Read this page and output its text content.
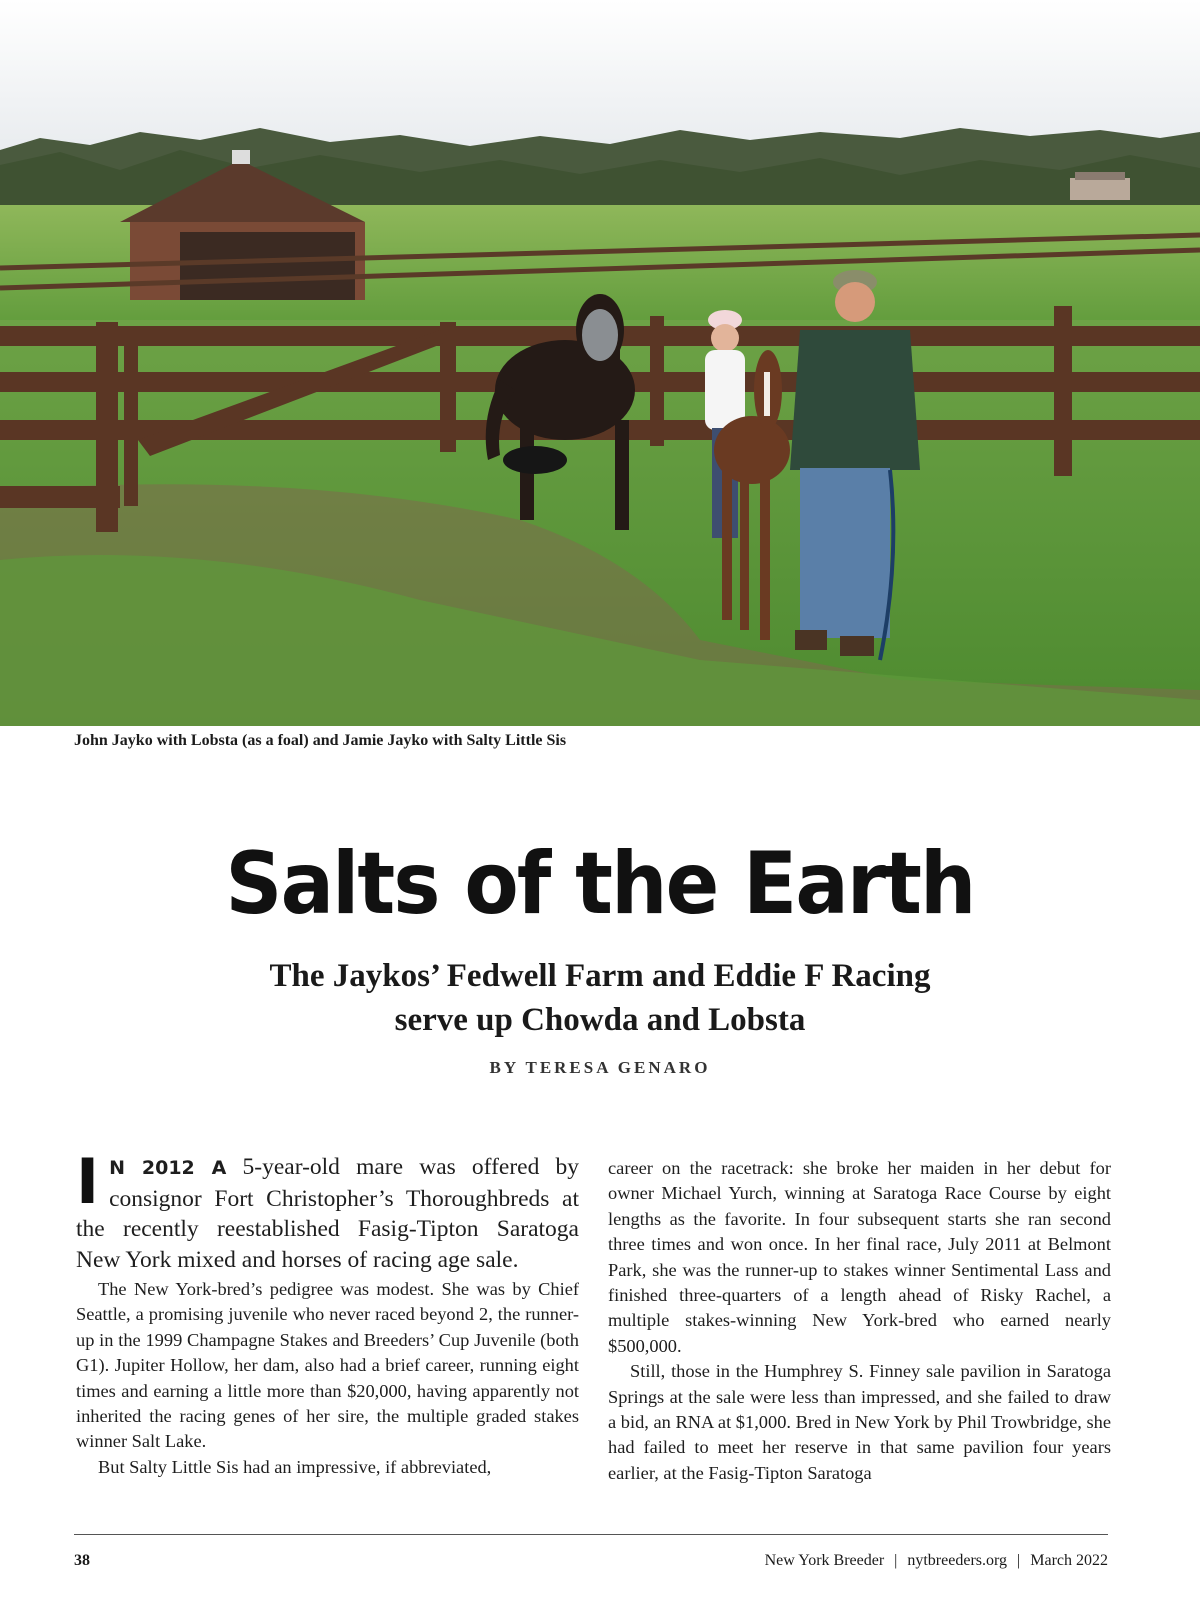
John Jayko with Lobsta (as a foal) and Jamie Jayko with Salty Little Sis
Salts of the Earth
The Jaykos’ Fedwell Farm and Eddie F Racing
serve up Chowda and Lobsta
BY TERESA GENARO

I N 2012 A 5-year-old mare was offered by consignor Fort Christopher’s Thoroughbreds at the recently reestablished Fasig-Tipton Saratoga New York mixed and horses of racing age sale.

The New York-bred’s pedigree was modest. She was by Chief Seattle, a promising juvenile who never raced beyond 2, the runner-up in the 1999 Champagne Stakes and Breeders’ Cup Juvenile (both G1). Jupiter Hollow, her dam, also had a brief career, running eight times and earning a little more than $20,000, having apparently not inherited the racing genes of her sire, the multiple graded stakes winner Salt Lake.

But Salty Little Sis had an impressive, if abbreviated,

career on the racetrack: she broke her maiden in her debut for owner Michael Yurch, winning at Saratoga Race Course by eight lengths as the favorite. In four subsequent starts she ran second three times and won once. In her final race, July 2011 at Belmont Park, she was the runner-up to stakes winner Sentimental Lass and finished three-quarters of a length ahead of Risky Rachel, a multiple stakes-winning New York-bred who earned nearly $500,000.

Still, those in the Humphrey S. Finney sale pavilion in Saratoga Springs at the sale were less than impressed, and she failed to draw a bid, an RNA at $1,000. Bred in New York by Phil Trowbridge, she had failed to meet her reserve in that same pavilion four years earlier, at the Fasig-Tipton Saratoga

38	New York Breeder | nytbreeders.org | March 2022
